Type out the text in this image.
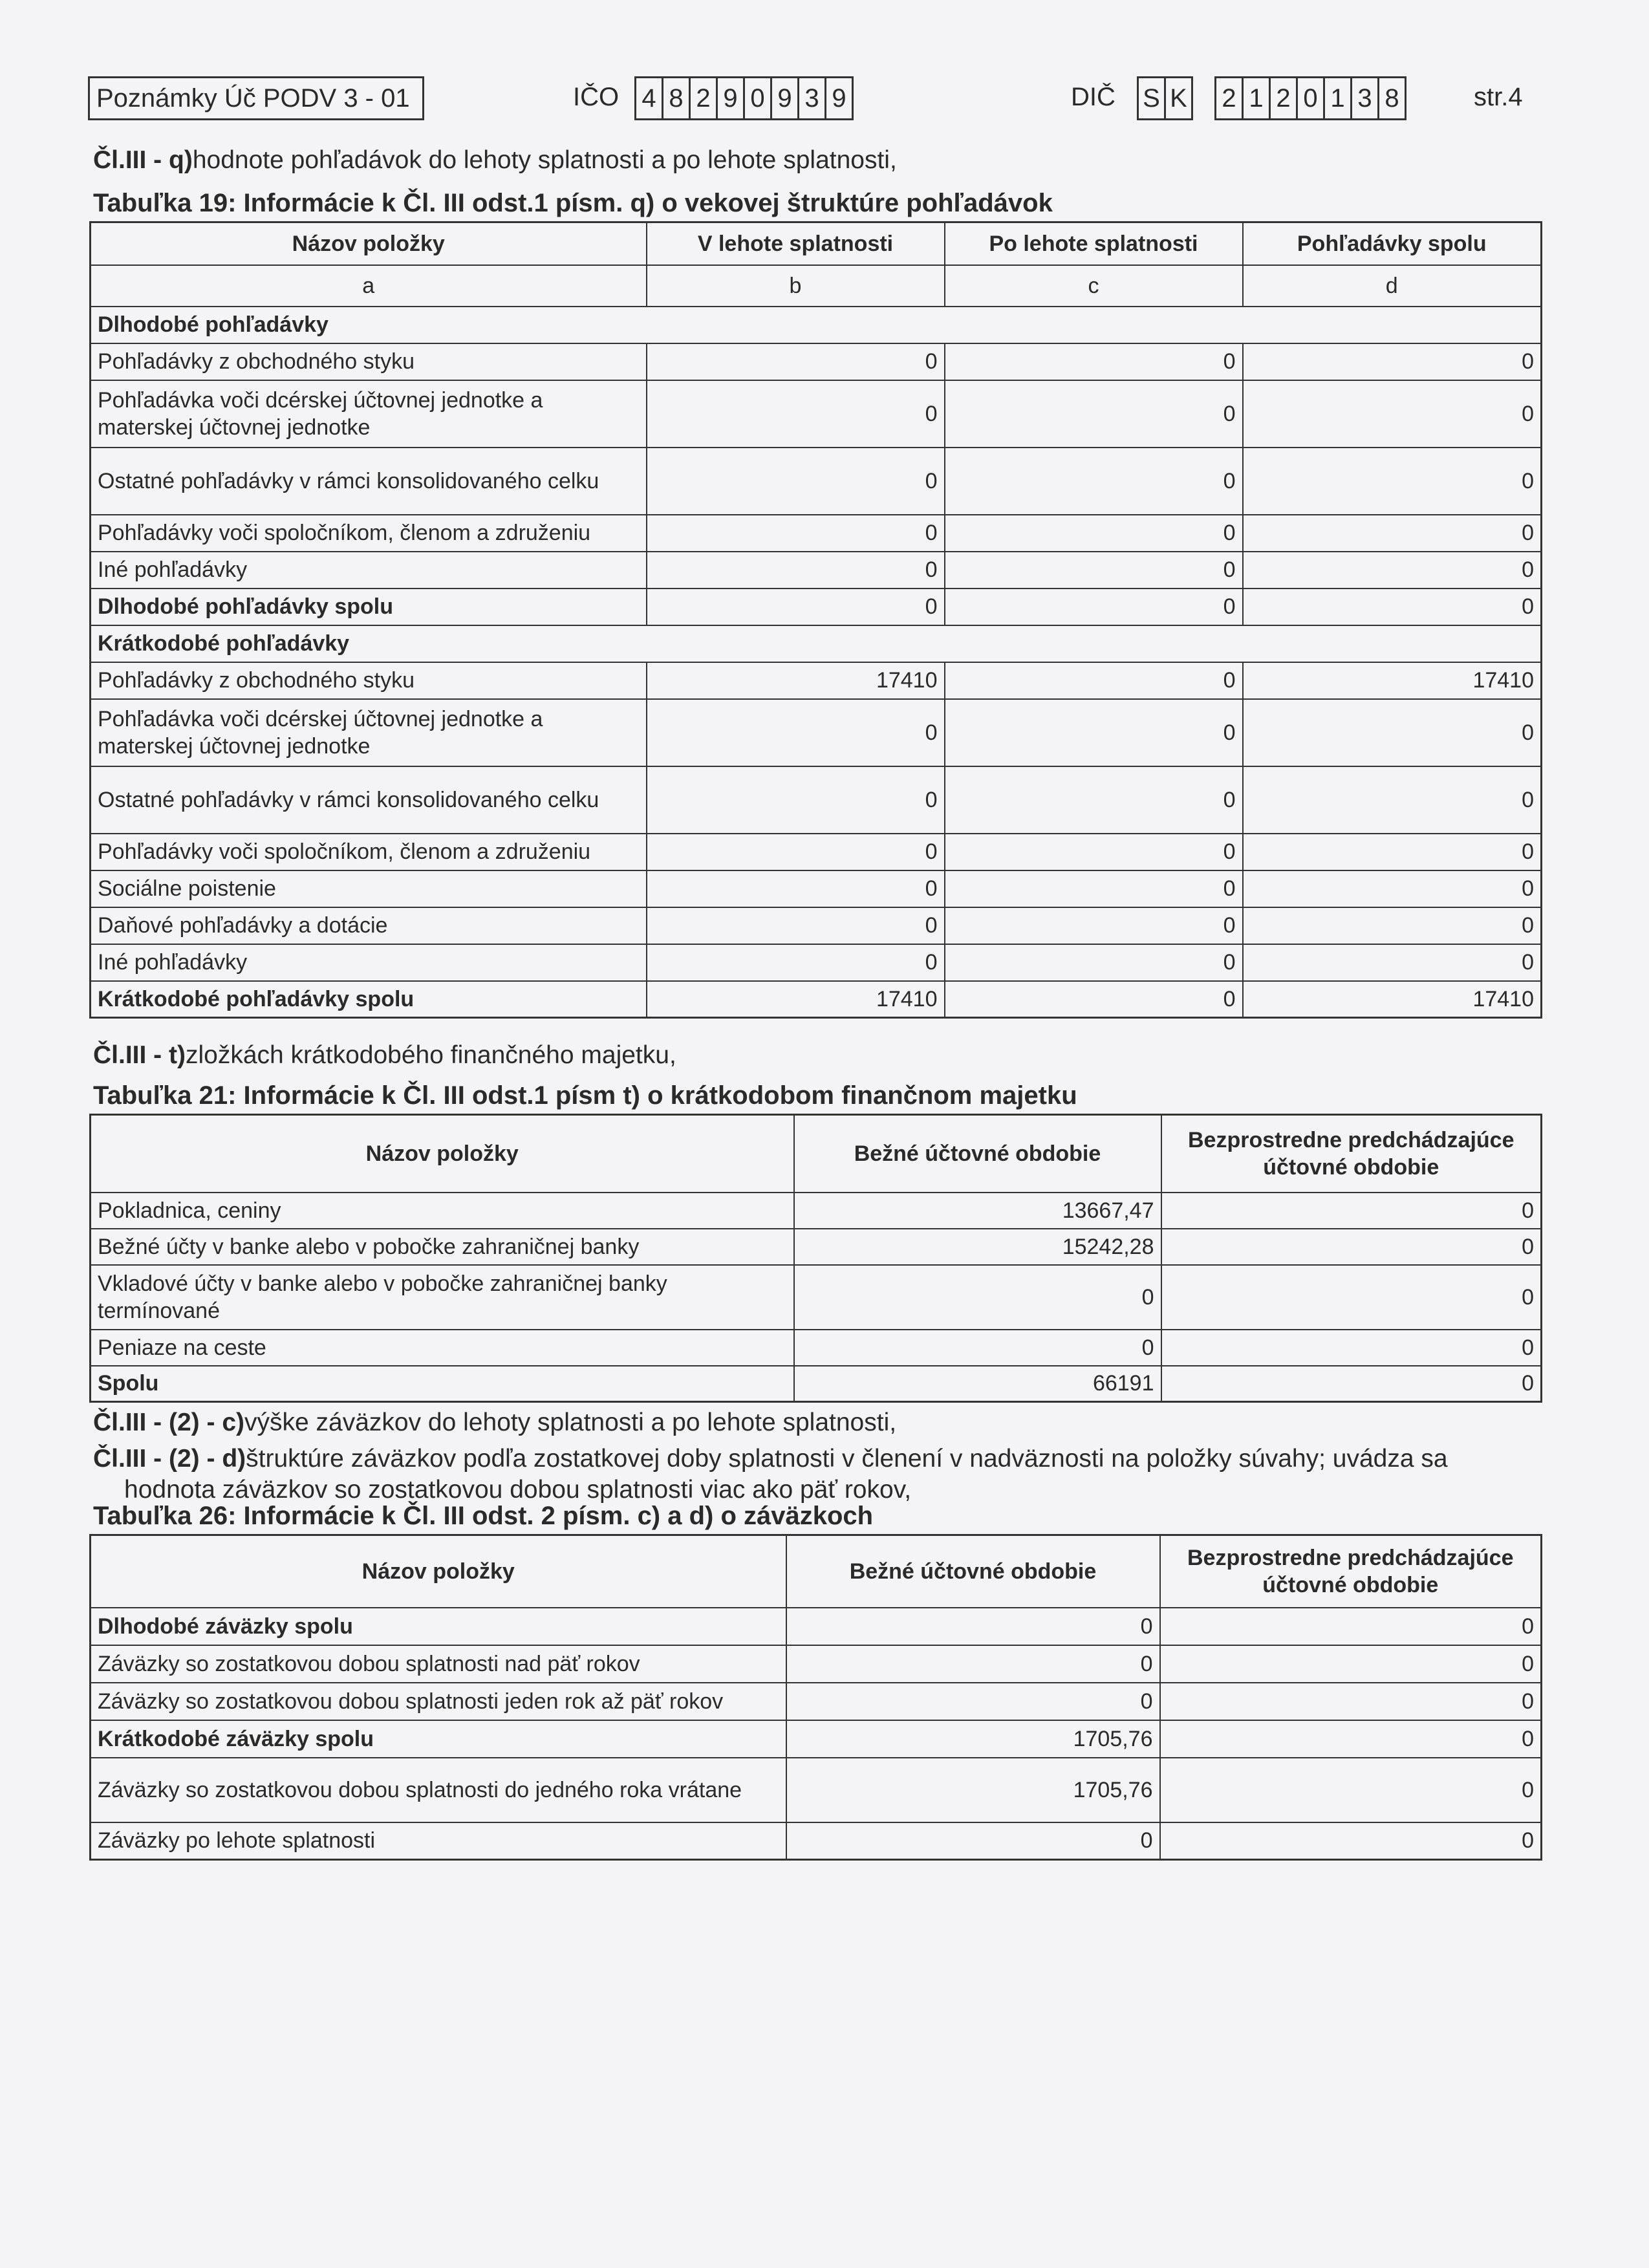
Poznámky Úč PODV 3 - 01	IČO 4 8 2 9 0 9 3 9	DIČ S K 2 1 2 0 1 3 8	str.4
Čl.III - q)hodnote pohľadávok do lehoty splatnosti a po lehote splatnosti,
Tabuľka 19: Informácie k Čl. III odst.1 písm. q) o vekovej štruktúre pohľadávok
Názov položky	V lehote splatnosti	Po lehote splatnosti	Pohľadávky spolu
a	b	c	d
Dlhodobé pohľadávky			
Pohľadávky z obchodného styku	0	0	0
Pohľadávka voči dcérskej účtovnej jednotke a materskej účtovnej jednotke	0	0	0
Ostatné pohľadávky v rámci konsolidovaného celku	0	0	0
Pohľadávky voči spoločníkom, členom a združeniu	0	0	0
Iné pohľadávky	0	0	0
Dlhodobé pohľadávky spolu	0	0	0
Krátkodobé pohľadávky			
Pohľadávky z obchodného styku	17410	0	17410
Pohľadávka voči dcérskej účtovnej jednotke a materskej účtovnej jednotke	0	0	0
Ostatné pohľadávky v rámci konsolidovaného celku	0	0	0
Pohľadávky voči spoločníkom, členom a združeniu	0	0	0
Sociálne poistenie	0	0	0
Daňové pohľadávky a dotácie	0	0	0
Iné pohľadávky	0	0	0
Krátkodobé pohľadávky spolu	17410	0	17410
Čl.III - t)zložkách krátkodobého finančného majetku,
Tabuľka 21: Informácie k Čl. III odst.1 písm t) o krátkodobom finančnom majetku
Názov položky	Bežné účtovné obdobie	Bezprostredne predchádzajúce účtovné obdobie
Pokladnica, ceniny	13667,47	0
Bežné účty v banke alebo v pobočke zahraničnej banky	15242,28	0
Vkladové účty v banke alebo v pobočke zahraničnej banky termínované	0	0
Peniaze na ceste	0	0
Spolu	66191	0
Čl.III - (2) - c)výške záväzkov do lehoty splatnosti a po lehote splatnosti,
Čl.III - (2) - d)štruktúre záväzkov podľa zostatkovej doby splatnosti v členení v nadväznosti na položky súvahy; uvádza sa
hodnota záväzkov so zostatkovou dobou splatnosti viac ako päť rokov,
Tabuľka 26: Informácie k Čl. III odst. 2 písm. c) a d) o záväzkoch
Názov položky	Bežné účtovné obdobie	Bezprostredne predchádzajúce účtovné obdobie
Dlhodobé záväzky spolu	0	0
Záväzky so zostatkovou dobou splatnosti nad päť rokov	0	0
Záväzky so zostatkovou dobou splatnosti jeden rok až päť rokov	0	0
Krátkodobé záväzky spolu	1705,76	0
Záväzky so zostatkovou dobou splatnosti do jedného roka vrátane	1705,76	0
Záväzky po lehote splatnosti	0	0
